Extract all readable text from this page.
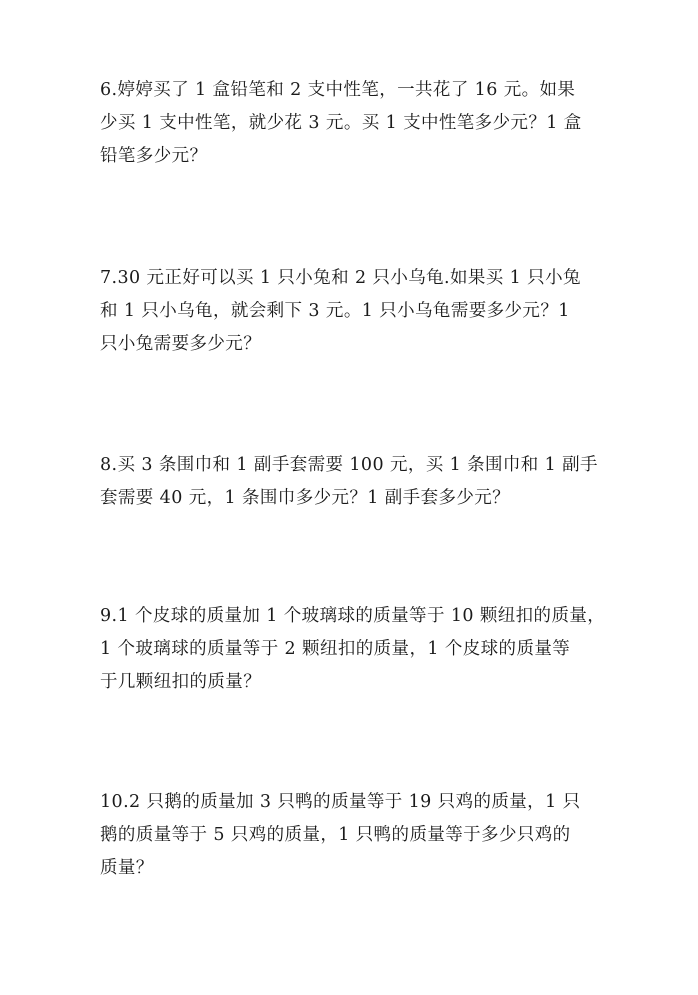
6.婷婷买了 1 盒铅笔和 2 支中性笔，一共花了 16 元。如果
少买 1 支中性笔，就少花 3 元。买 1 支中性笔多少元？1 盒
铅笔多少元？
7.30 元正好可以买 1 只小兔和 2 只小乌龟.如果买 1 只小兔
和 1 只小乌龟，就会剩下 3 元。1 只小乌龟需要多少元？1
只小兔需要多少元？
8.买 3 条围巾和 1 副手套需要 100 元，买 1 条围巾和 1 副手
套需要 40 元，1 条围巾多少元？1 副手套多少元？
9.1 个皮球的质量加 1 个玻璃球的质量等于 10 颗纽扣的质量，
1 个玻璃球的质量等于 2 颗纽扣的质量，1 个皮球的质量等
于几颗纽扣的质量？
10.2 只鹅的质量加 3 只鸭的质量等于 19 只鸡的质量，1 只
鹅的质量等于 5 只鸡的质量，1 只鸭的质量等于多少只鸡的
质量？
